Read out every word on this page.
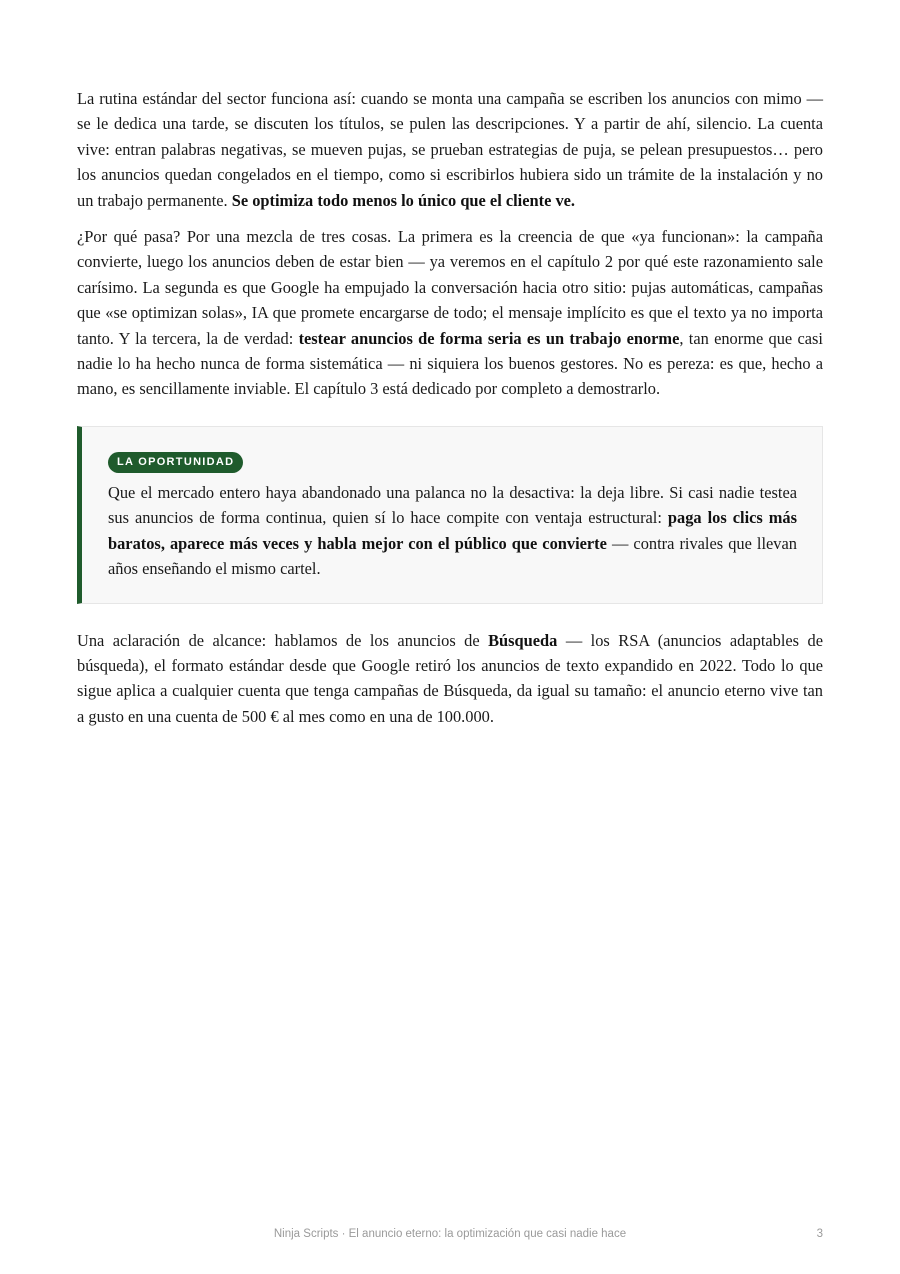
La rutina estándar del sector funciona así: cuando se monta una campaña se escriben los anuncios con mimo — se le dedica una tarde, se discuten los títulos, se pulen las descripciones. Y a partir de ahí, silencio. La cuenta vive: entran palabras negativas, se mueven pujas, se prueban estrategias de puja, se pelean presupuestos… pero los anuncios quedan congelados en el tiempo, como si escribirlos hubiera sido un trámite de la instalación y no un trabajo permanente. Se optimiza todo menos lo único que el cliente ve.

¿Por qué pasa? Por una mezcla de tres cosas. La primera es la creencia de que «ya funcionan»: la campaña convierte, luego los anuncios deben de estar bien — ya veremos en el capítulo 2 por qué este razonamiento sale carísimo. La segunda es que Google ha empujado la conversación hacia otro sitio: pujas automáticas, campañas que «se optimizan solas», IA que promete encargarse de todo; el mensaje implícito es que el texto ya no importa tanto. Y la tercera, la de verdad: testear anuncios de forma seria es un trabajo enorme, tan enorme que casi nadie lo ha hecho nunca de forma sistemática — ni siquiera los buenos gestores. No es pereza: es que, hecho a mano, es sencillamente inviable. El capítulo 3 está dedicado por completo a demostrarlo.

LA OPORTUNIDAD

Que el mercado entero haya abandonado una palanca no la desactiva: la deja libre. Si casi nadie testea sus anuncios de forma continua, quien sí lo hace compite con ventaja estructural: paga los clics más baratos, aparece más veces y habla mejor con el público que convierte — contra rivales que llevan años enseñando el mismo cartel.

Una aclaración de alcance: hablamos de los anuncios de Búsqueda — los RSA (anuncios adaptables de búsqueda), el formato estándar desde que Google retiró los anuncios de texto expandido en 2022. Todo lo que sigue aplica a cualquier cuenta que tenga campañas de Búsqueda, da igual su tamaño: el anuncio eterno vive tan a gusto en una cuenta de 500 € al mes como en una de 100.000.

Ninja Scripts · El anuncio eterno: la optimización que casi nadie hace	3
